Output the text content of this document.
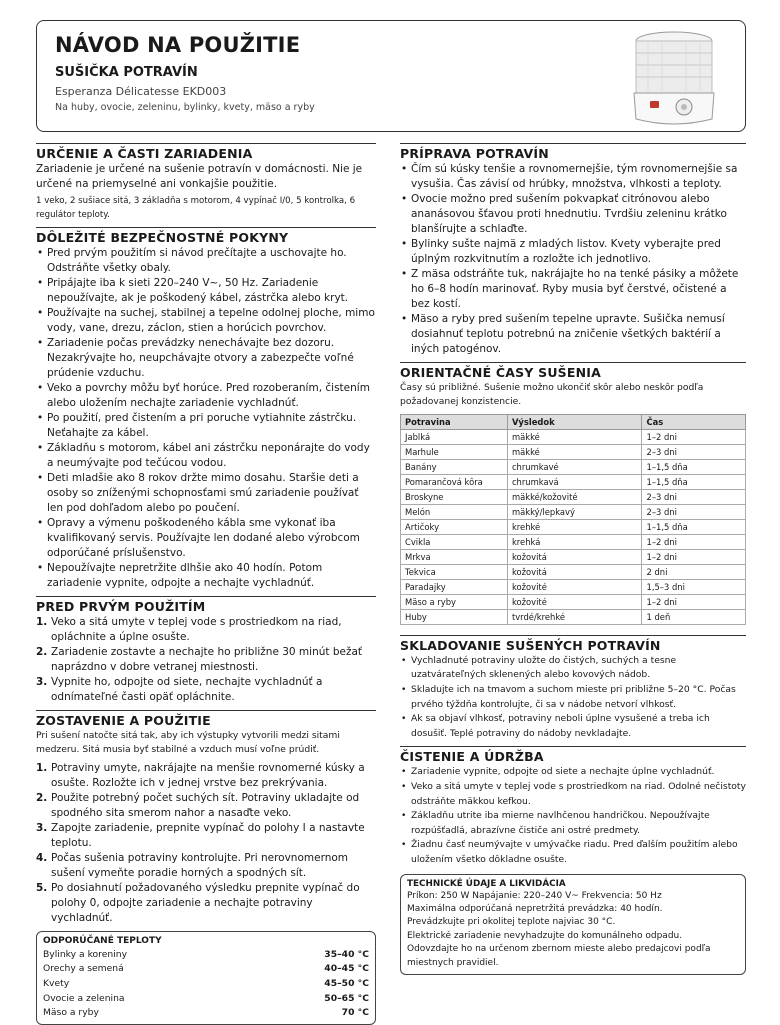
NÁVOD NA POUŽITIE
SUŠIČKA POTRAVÍN
Esperanza Délicatesse EKD003
Na huby, ovocie, zeleninu, bylinky, kvety, mäso a ryby
URČENIE A ČASTI ZARIADENIA
Zariadenie je určené na sušenie potravín v domácnosti. Nie je určené na priemyselné ani vonkajšie použitie.
1 veko, 2 sušiace sitá, 3 základňa s motorom, 4 vypínač I/0, 5 kontrolka, 6 regulátor teploty.
DÔLEŽITÉ BEZPEČNOSTNÉ POKYNY
• Pred prvým použitím si návod prečítajte a uschovajte ho. Odstráňte všetky obaly.
• Pripájajte iba k sieti 220–240 V~, 50 Hz. Zariadenie nepoužívajte, ak je poškodený kábel, zástrčka alebo kryt.
• Používajte na suchej, stabilnej a tepelne odolnej ploche, mimo vody, vane, drezu, záclon, stien a horúcich povrchov.
• Zariadenie počas prevádzky nenechávajte bez dozoru. Nezakrývajte ho, neupchávajte otvory a zabezpečte voľné prúdenie vzduchu.
• Veko a povrchy môžu byť horúce. Pred rozoberaním, čistením alebo uložením nechajte zariadenie vychladnúť.
• Po použití, pred čistením a pri poruche vytiahnite zástrčku. Neťahajte za kábel.
• Základňu s motorom, kábel ani zástrčku neponárajte do vody a neumývajte pod tečúcou vodou.
• Deti mladšie ako 8 rokov držte mimo dosahu. Staršie deti a osoby so zníženými schopnosťami smú zariadenie používať len pod dohľadom alebo po poučení.
• Opravy a výmenu poškodeného kábla sme vykonať iba kvalifikovaný servis. Používajte len dodané alebo výrobcom odporúčané príslušenstvo.
• Nepoužívajte nepretržite dlhšie ako 40 hodín. Potom zariadenie vypnite, odpojte a nechajte vychladnúť.
PRED PRVÝM POUŽITÍM
1. Veko a sitá umyte v teplej vode s prostriedkom na riad, opláchnite a úplne osušte.
2. Zariadenie zostavte a nechajte ho približne 30 minút bežať naprázdno v dobre vetranej miestnosti.
3. Vypnite ho, odpojte od siete, nechajte vychladnúť a odnímateľné časti opäť opláchnite.
ZOSTAVENIE A POUŽITIE
Pri sušení natočte sitá tak, aby ich výstupky vytvorili medzi sitami medzeru. Sitá musia byť stabilné a vzduch musí voľne prúdiť.
1. Potraviny umyte, nakrájajte na menšie rovnomerné kúsky a osušte. Rozložte ich v jednej vrstve bez prekrývania.
2. Použite potrebný počet suchých sít. Potraviny ukladajte od spodného sita smerom nahor a nasaďte veko.
3. Zapojte zariadenie, prepnite vypínač do polohy I a nastavte teplotu.
4. Počas sušenia potraviny kontrolujte. Pri nerovnomernom sušení vymeňte poradie horných a spodných sít.
5. Po dosiahnutí požadovaného výsledku prepnite vypínač do polohy 0, odpojte zariadenie a nechajte potraviny vychladnúť.
ODPORÚČANÉ TEPLOTY
Bylinky a koreniny	35–40 °C
Orechy a semená	40–45 °C
Kvety	45–50 °C
Ovocie a zelenina	50–65 °C
Mäso a ryby	70 °C
PRÍPRAVA POTRAVÍN
• Čím sú kúsky tenšie a rovnomernejšie, tým rovnomernejšie sa vysušia. Čas závisí od hrúbky, množstva, vlhkosti a teploty.
• Ovocie možno pred sušením pokvapkať citrónovou alebo ananásovou šťavou proti hnednutiu. Tvrdšiu zeleninu krátko blanšírujte a schlaďte.
• Bylinky sušte najmä z mladých listov. Kvety vyberajte pred úplným rozkvitnutím a rozložte ich jednotlivo.
• Z mäsa odstráňte tuk, nakrájajte ho na tenké pásiky a môžete ho 6–8 hodín marinovať. Ryby musia byť čerstvé, očistené a bez kostí.
• Mäso a ryby pred sušením tepelne upravte. Sušička nemusí dosiahnuť teplotu potrebnú na zničenie všetkých baktérií a iných patogénov.
ORIENTAČNÉ ČASY SUŠENIA
Časy sú približné. Sušenie možno ukončiť skôr alebo neskôr podľa požadovanej konzistencie.
Potravina	Výsledok	Čas
Jablká	mäkké	1–2 dni
Marhule	mäkké	2–3 dni
Banány	chrumkavé	1–1,5 dňa
Pomarančová kôra	chrumkavá	1–1,5 dňa
Broskyne	mäkké/kožovité	2–3 dni
Melón	mäkký/lepkavý	2–3 dni
Artičoky	krehké	1–1,5 dňa
Cvikla	krehká	1–2 dni
Mrkva	kožovitá	1–2 dni
Tekvica	kožovitá	2 dni
Paradajky	kožovité	1,5–3 dni
Mäso a ryby	kožovité	1–2 dni
Huby	tvrdé/krehké	1 deň
SKLADOVANIE SUŠENÝCH POTRAVÍN
• Vychladnuté potraviny uložte do čistých, suchých a tesne uzatvárateľných sklenených alebo kovových nádob.
• Skladujte ich na tmavom a suchom mieste pri približne 5–20 °C. Počas prvého týždňa kontrolujte, či sa v nádobe netvorí vlhkosť.
• Ak sa objaví vlhkosť, potraviny neboli úplne vysušené a treba ich dosušiť. Teplé potraviny do nádoby nevkladajte.
ČISTENIE A ÚDRŽBA
• Zariadenie vypnite, odpojte od siete a nechajte úplne vychladnúť.
• Veko a sitá umyte v teplej vode s prostriedkom na riad. Odolné nečistoty odstráňte mäkkou kefkou.
• Základňu utrite iba mierne navlhčenou handričkou. Nepoužívajte rozpúšťadlá, abrazívne čističe ani ostré predmety.
• Žiadnu časť neumývajte v umývačke riadu. Pred ďalším použitím alebo uložením všetko dôkladne osušte.
TECHNICKÉ ÚDAJE A LIKVIDÁCIA
Príkon: 250 W Napájanie: 220–240 V~ Frekvencia: 50 Hz
Maximálna odporúčaná nepretržitá prevádzka: 40 hodín.
Prevádzkujte pri okolitej teplote najviac 30 °C.
Elektrické zariadenie nevyhadzujte do komunálneho odpadu.
Odovzdajte ho na určenom zbernom mieste alebo predajcovi podľa
miestnych pravidiel.
